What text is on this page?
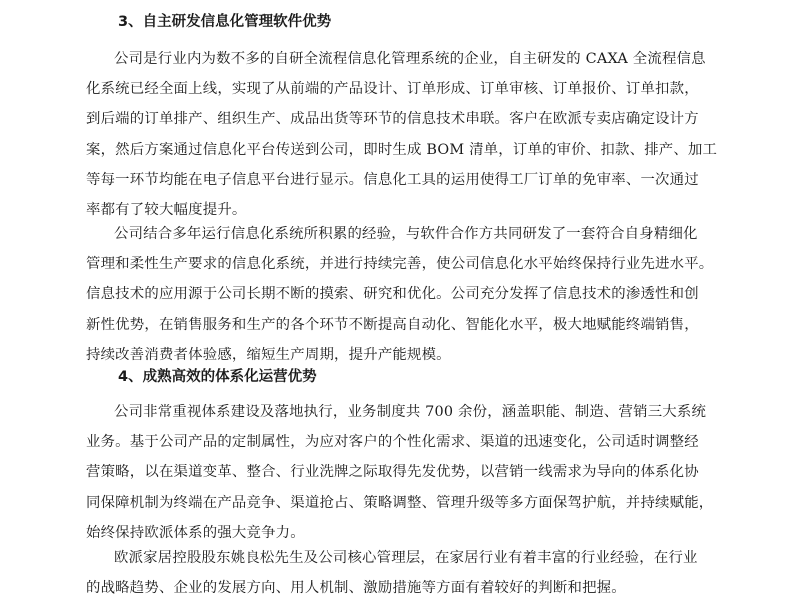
3、自主研发信息化管理软件优势
公司是行业内为数不多的自研全流程信息化管理系统的企业，自主研发的 CAXA 全流程信息
化系统已经全面上线，实现了从前端的产品设计、订单形成、订单审核、订单报价、订单扣款，
到后端的订单排产、组织生产、成品出货等环节的信息技术串联。客户在欧派专卖店确定设计方
案，然后方案通过信息化平台传送到公司，即时生成 BOM 清单，订单的审价、扣款、排产、加工
等每一环节均能在电子信息平台进行显示。信息化工具的运用使得工厂订单的免审率、一次通过
率都有了较大幅度提升。
公司结合多年运行信息化系统所积累的经验，与软件合作方共同研发了一套符合自身精细化
管理和柔性生产要求的信息化系统，并进行持续完善，使公司信息化水平始终保持行业先进水平。
信息技术的应用源于公司长期不断的摸索、研究和优化。公司充分发挥了信息技术的渗透性和创
新性优势，在销售服务和生产的各个环节不断提高自动化、智能化水平，极大地赋能终端销售，
持续改善消费者体验感，缩短生产周期，提升产能规模。
4、成熟高效的体系化运营优势
公司非常重视体系建设及落地执行，业务制度共 700 余份，涵盖职能、制造、营销三大系统
业务。基于公司产品的定制属性，为应对客户的个性化需求、渠道的迅速变化，公司适时调整经
营策略，以在渠道变革、整合、行业洗牌之际取得先发优势，以营销一线需求为导向的体系化协
同保障机制为终端在产品竞争、渠道抢占、策略调整、管理升级等多方面保驾护航，并持续赋能，
始终保持欧派体系的强大竞争力。
欧派家居控股股东姚良松先生及公司核心管理层，在家居行业有着丰富的行业经验，在行业
的战略趋势、企业的发展方向、用人机制、激励措施等方面有着较好的判断和把握。
